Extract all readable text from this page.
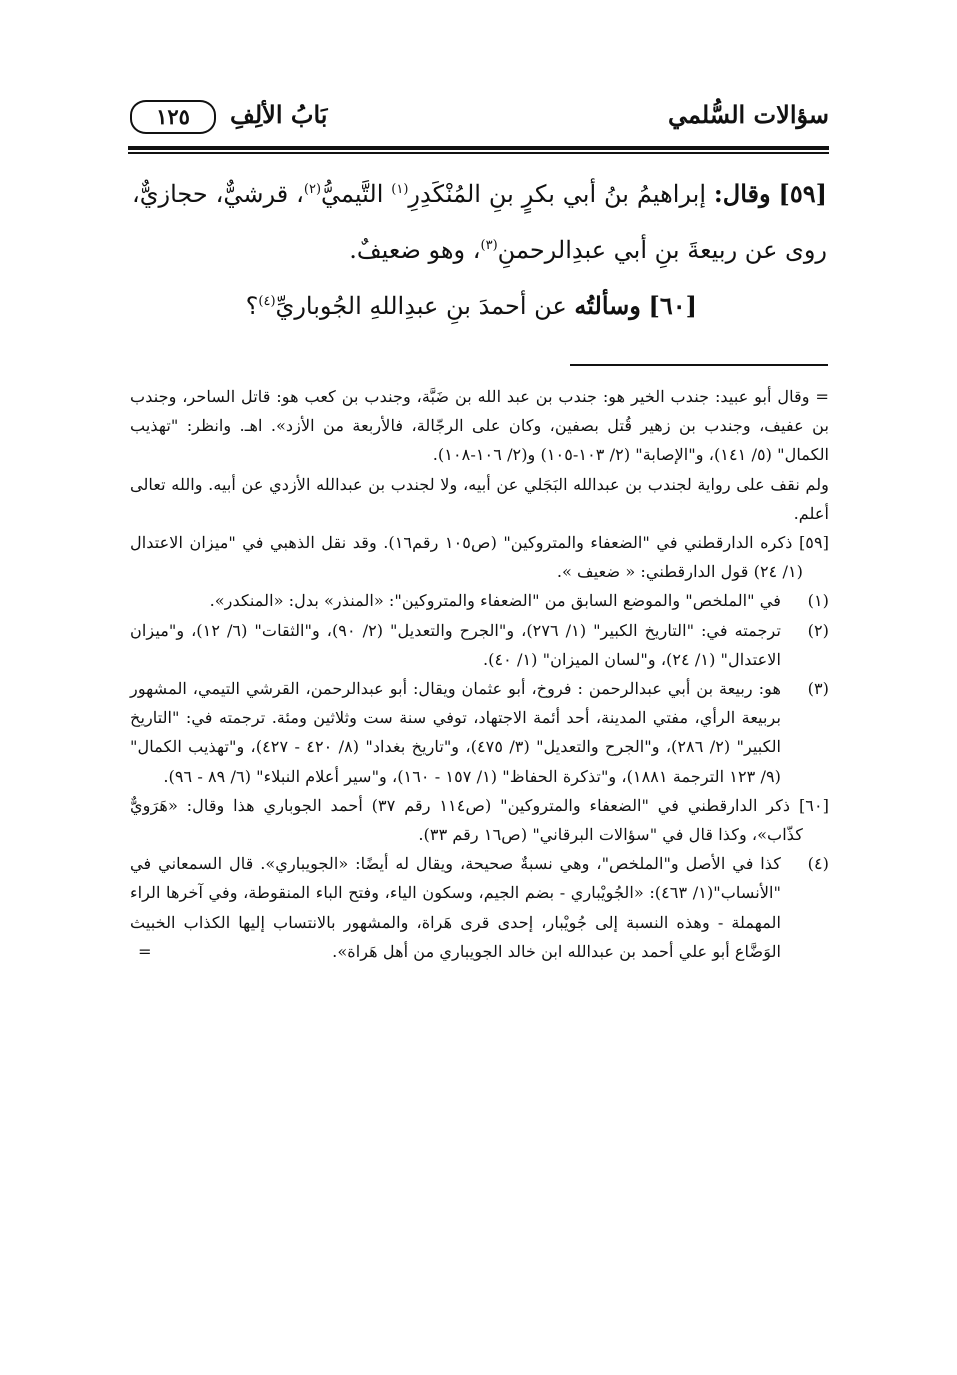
سؤالات السُّلمي
بَابُ الألِفِ
١٢٥

[٥٩] وقال: إبراهيمُ بنُ أبي بكرٍ بنِ المُنْكَدِرِ$^{(١)}$ التَّيميُّ$^{(٢)}$، قرشيٌّ، حجازيٌّ، روى عن ربيعةَ بنِ أبي عبدِالرحمنِ$^{(٣)}$، وهو ضعيفٌ.

[٦٠] وسألتُه عن أحمدَ بنِ عبدِاللهِ الجُوباريِّ$^{(٤)}$؟

= وقال أبو عبيد: جندب الخير هو: جندب بن عبد الله بن ضَبَّة، وجندب بن كعب هو: قاتل الساحر، وجندب بن عفيف، وجندب بن زهير قُتل بصفين، وكان على الرجّالة، فالأربعة من الأزد». اهـ. وانظر: "تهذيب الكمال" (٥/ ١٤١)، و"الإصابة" (٢/ ١٠٣-١٠٥) و(٢/ ١٠٦-١٠٨).

ولم نقف على رواية لجندب بن عبدالله البَجَلي عن أبيه، ولا لجندب بن عبدالله الأزدي عن أبيه. والله تعالى أعلم.

[٥٩] ذكره الدارقطني في "الضعفاء والمتروكين" (ص١٠٥ رقم١٦). وقد نقل الذهبي في "ميزان الاعتدال (١/ ٢٤) قول الدارقطني: « ضعيف ».

(١)
في "الملخص" والموضع السابق من "الضعفاء والمتروكين": «المنذر» بدل: «المنكدر».
(٢)
ترجمته في: "التاريخ الكبير" (١/ ٢٧٦)، و"الجرح والتعديل" (٢/ ٩٠)، و"الثقات" (٦/ ١٢)، و"ميزان الاعتدال" (١/ ٢٤)، و"لسان الميزان" (١/ ٤٠).
(٣)
هو: ربيعة بن أبي عبدالرحمن : فروخ، أبو عثمان ويقال: أبو عبدالرحمن، القرشي التيمي، المشهور بربيعة الرأي، مفتي المدينة، أحد أئمة الاجتهاد، توفي سنة ست وثلاثين ومئة. ترجمته في: "التاريخ الكبير" (٢/ ٢٨٦)، و"الجرح والتعديل" (٣/ ٤٧٥)، و"تاريخ بغداد" (٨/ ٤٢٠ - ٤٢٧)، و"تهذيب الكمال" (٩/ ١٢٣ الترجمة ١٨٨١)، و"تذكرة الحفاظ" (١/ ١٥٧ - ١٦٠)، و"سير أعلام النبلاء" (٦/ ٨٩ - ٩٦).

[٦٠] ذكر الدارقطني في "الضعفاء والمتروكين" (ص١١٤ رقم ٣٧) أحمد الجوباري هذا وقال: «هَرَويٌّ كذّاب»، وكذا قال في "سؤالات البرقاني" (ص١٦ رقم ٣٣).

(٤)
كذا في الأصل و"الملخص"، وهي نسبةٌ صحيحة، ويقال له أيضًا: «الجويباري». قال السمعاني في "الأنساب"(١/ ٤٦٣): «الجُويْباري - بضم الجيم، وسكون الياء، وفتح الباء المنقوطة، وفي آخرها الراء المهملة - وهذه النسبة إلى جُويْبار، إحدى قرى هَراة، والمشهور بالانتساب إليها الكذاب الخبيث الوَضَّاع أبو علي أحمد بن عبدالله ابن خالد الجويباري من أهل هَراة».
=
